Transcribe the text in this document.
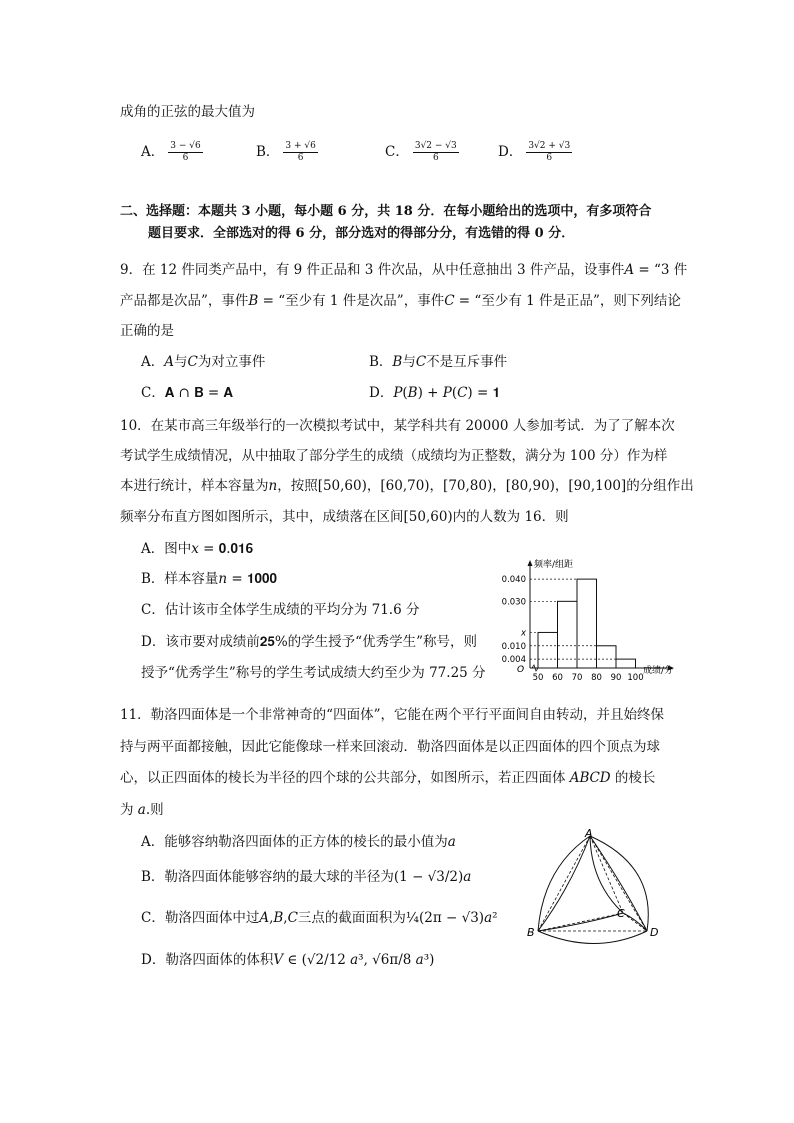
成角的正弦的最大值为
A． $\frac{3 - √6}{6}$	B． $\frac{3 + √6}{6}$	C． $\frac{3√2 - √3}{6}$	D． $\frac{3√2 + √3}{6}$
二、选择题：本题共 3 小题，每小题 6 分，共 18 分．在每小题给出的选项中，有多项符合
题目要求．全部选对的得 6 分，部分选对的得部分分，有选错的得 0 分．
9．在 12 件同类产品中，有 9 件正品和 3 件次品，从中任意抽出 3 件产品，设事件𝐴 = “3 件
产品都是次品”，事件𝐵 = “至少有 1 件是次品”，事件𝐶 = “至少有 1 件是正品”，则下列结论
正确的是
A．𝐴与𝐶为对立事件	B．𝐵与𝐶不是互斥事件
C．𝐀 ∩ 𝐁 = 𝐀	D．𝑃(𝐵) + 𝑃(𝐶) = 𝟏
10．在某市高三年级举行的一次模拟考试中，某学科共有 20000 人参加考试．为了了解本次
考试学生成绩情况，从中抽取了部分学生的成绩（成绩均为正整数，满分为 100 分）作为样
本进行统计，样本容量为𝑛，按照[50,60)，[60,70)，[70,80)，[80,90)，[90,100]的分组作出
频率分布直方图如图所示，其中，成绩落在区间[50,60)内的人数为 16．则
A．图中𝑥 = 𝟎.𝟎𝟏𝟔
B．样本容量𝑛 = 𝟏𝟎𝟎𝟎
C．估计该市全体学生成绩的平均分为 71.6 分
D．该市要对成绩前𝟐𝟓%的学生授予“优秀学生”称号，则
授予“优秀学生”称号的学生考试成绩大约至少为 77.25 分
频率/组距
成绩/分
O
0.040
0.030
x
0.010
0.004
50 60 70 80 90 100
11．勒洛四面体是一个非常神奇的“四面体”，它能在两个平行平面间自由转动，并且始终保
持与两平面都接触，因此它能像球一样来回滚动．勒洛四面体是以正四面体的四个顶点为球
心，以正四面体的棱长为半径的四个球的公共部分，如图所示，若正四面体 𝐴𝐵𝐶𝐷 的棱长
为 𝑎.则
A．能够容纳勒洛四面体的正方体的棱长的最小值为𝑎
B．勒洛四面体能够容纳的最大球的半径为(1 − √3/2)𝑎
C．勒洛四面体中过𝐴,𝐵,𝐶三点的截面面积为¼(2π − √3)𝑎²
D．勒洛四面体的体积𝑉 ∈ (√2/12 𝑎³, √6π/8 𝑎³)
A
B
C
D
